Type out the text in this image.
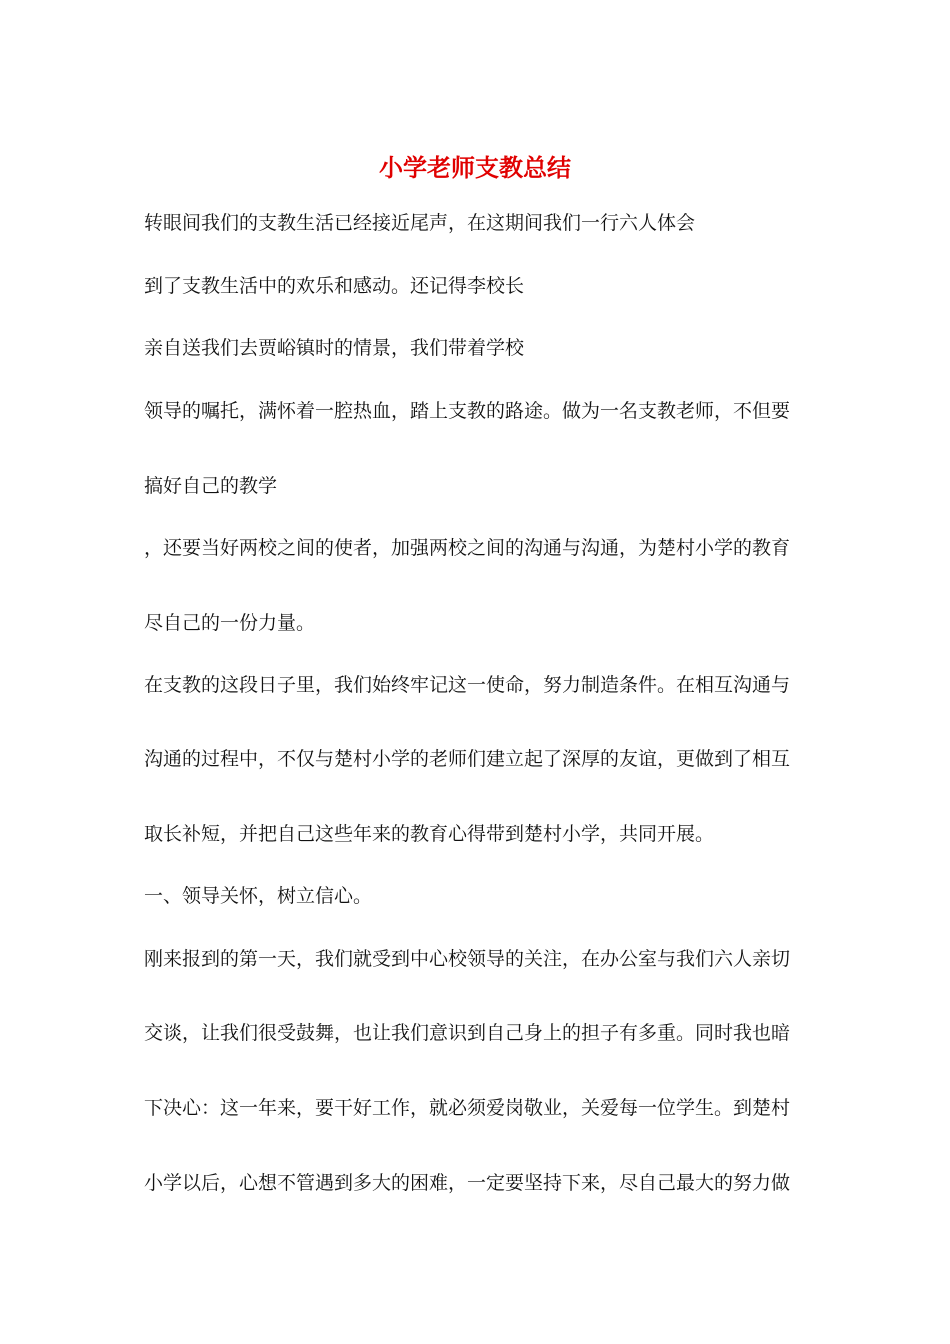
小学老师支教总结
转眼间我们的支教生活已经接近尾声，在这期间我们一行六人体会
到了支教生活中的欢乐和感动。还记得李校长
亲自送我们去贾峪镇时的情景，我们带着学校
领导的嘱托，满怀着一腔热血，踏上支教的路途。做为一名支教老师，不但要
搞好自己的教学
，还要当好两校之间的使者，加强两校之间的沟通与沟通，为楚村小学的教育
尽自己的一份力量。
在支教的这段日子里，我们始终牢记这一使命，努力制造条件。在相互沟通与
沟通的过程中，不仅与楚村小学的老师们建立起了深厚的友谊，更做到了相互
取长补短，并把自己这些年来的教育心得带到楚村小学，共同开展。
一、领导关怀，树立信心。
刚来报到的第一天，我们就受到中心校领导的关注，在办公室与我们六人亲切
交谈，让我们很受鼓舞，也让我们意识到自己身上的担子有多重。同时我也暗
下决心：这一年来，要干好工作，就必须爱岗敬业，关爱每一位学生。到楚村
小学以后，心想不管遇到多大的困难，一定要坚持下来，尽自己最大的努力做
